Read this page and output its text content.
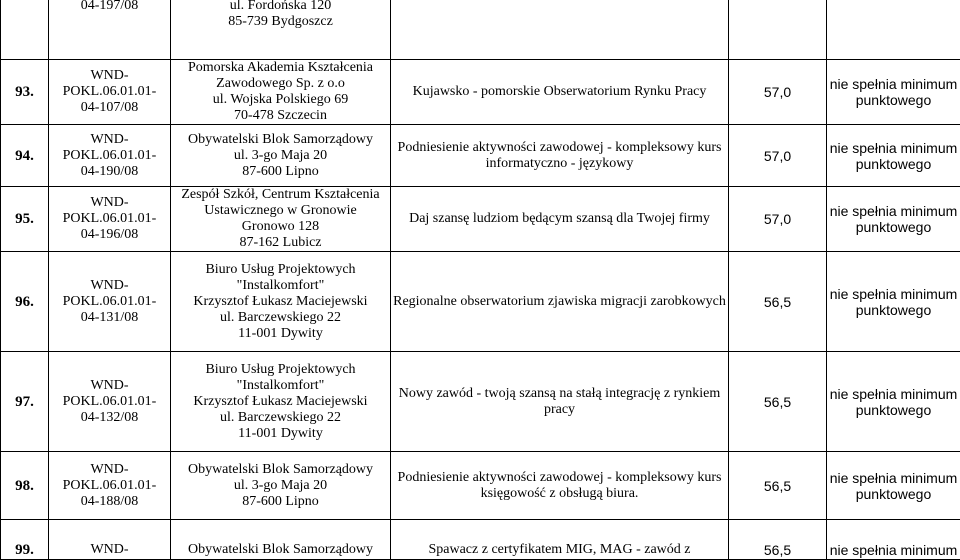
	04-197/08	ul. Fordońska 120
85-739 Bydgoszcz			

93.	WND-
POKL.06.01.01-
04-107/08	Pomorska Akademia Kształcenia
Zawodowego Sp. z o.o
ul. Wojska Polskiego 69
70-478 Szczecin	Kujawsko - pomorskie Obserwatorium Rynku Pracy	57,0	nie spełnia minimum punktowego

94.	WND-
POKL.06.01.01-
04-190/08	Obywatelski Blok Samorządowy
ul. 3-go Maja 20
87-600 Lipno	Podniesienie aktywności zawodowej - kompleksowy kurs informatyczno - językowy	57,0	nie spełnia minimum punktowego

95.	WND-
POKL.06.01.01-
04-196/08	Zespół Szkół, Centrum Kształcenia
Ustawicznego w Gronowie
Gronowo 128
87-162 Lubicz	Daj szansę ludziom będącym szansą dla Twojej firmy	57,0	nie spełnia minimum punktowego

96.	WND-
POKL.06.01.01-
04-131/08	Biuro Usług Projektowych
"Instalkomfort"
Krzysztof Łukasz Maciejewski
ul. Barczewskiego 22
11-001 Dywity	Regionalne obserwatorium zjawiska migracji zarobkowych	56,5	nie spełnia minimum punktowego

97.	WND-
POKL.06.01.01-
04-132/08	Biuro Usług Projektowych
"Instalkomfort"
Krzysztof Łukasz Maciejewski
ul. Barczewskiego 22
11-001 Dywity	Nowy zawód - twoją szansą na stałą integrację z rynkiem pracy	56,5	nie spełnia minimum punktowego

98.	WND-
POKL.06.01.01-
04-188/08	Obywatelski Blok Samorządowy
ul. 3-go Maja 20
87-600 Lipno	Podniesienie aktywności zawodowej - kompleksowy kurs księgowość z obsługą biura.	56,5	nie spełnia minimum punktowego

99.	WND-	Obywatelski Blok Samorządowy	Spawacz z certyfikatem MIG, MAG - zawód z	56,5	nie spełnia minimum
